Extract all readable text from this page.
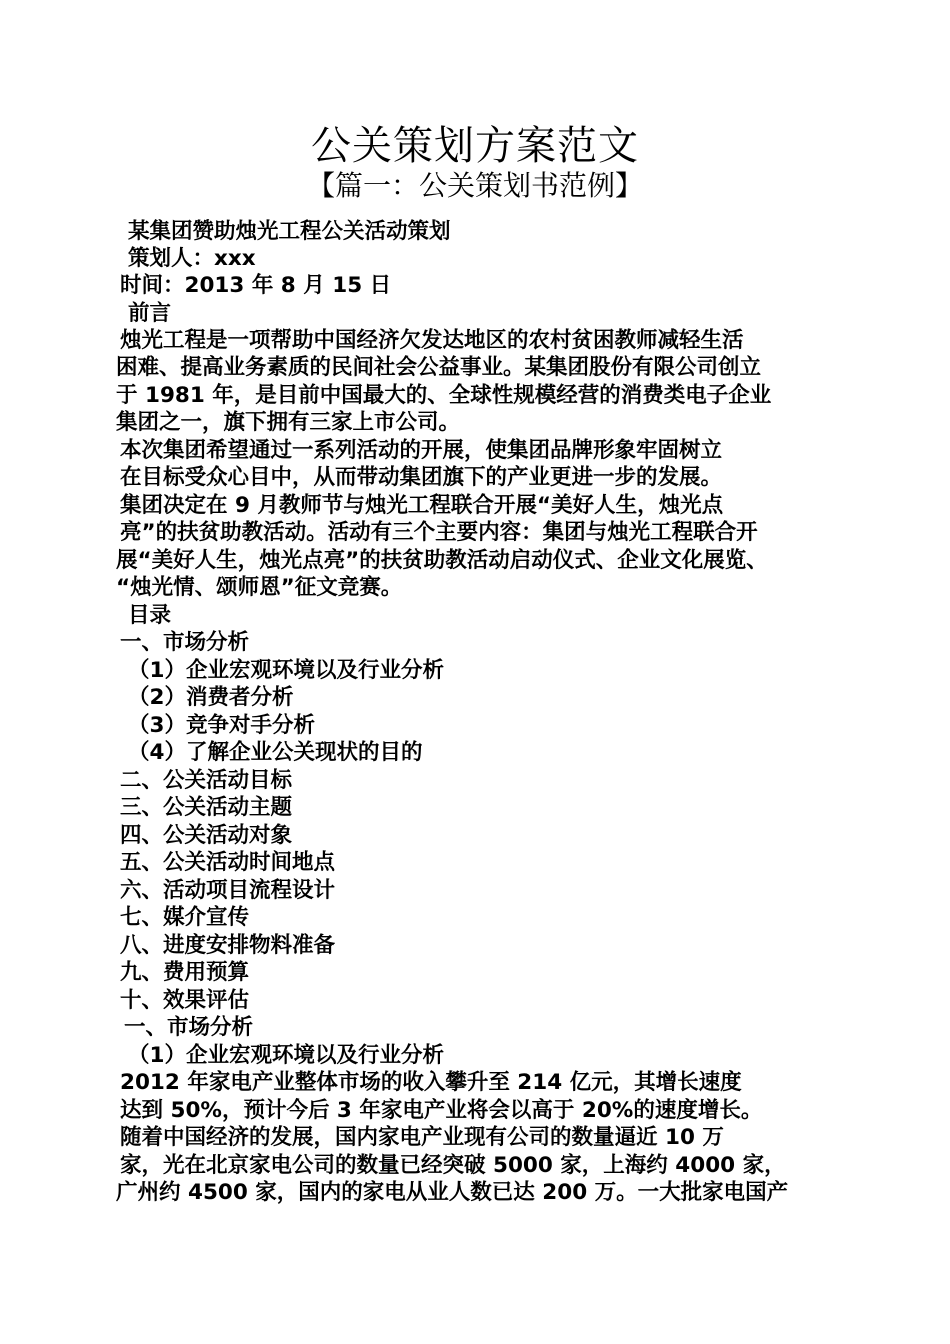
公关策划方案范文
【篇一：公关策划书范例】
某集团赞助烛光工程公关活动策划
策划人：xxx
时间：2013 年 8 月 15 日
前言
烛光工程是一项帮助中国经济欠发达地区的农村贫困教师减轻生活
困难、提高业务素质的民间社会公益事业。某集团股份有限公司创立
于 1981 年，是目前中国最大的、全球性规模经营的消费类电子企业
集团之一，旗下拥有三家上市公司。
本次集团希望通过一系列活动的开展，使集团品牌形象牢固树立
在目标受众心目中，从而带动集团旗下的产业更进一步的发展。
集团决定在 9 月教师节与烛光工程联合开展“美好人生，烛光点
亮”的扶贫助教活动。活动有三个主要内容：集团与烛光工程联合开
展“美好人生，烛光点亮”的扶贫助教活动启动仪式、企业文化展览、
“烛光情、颂师恩”征文竞赛。
目录
一、市场分析
（1）企业宏观环境以及行业分析
（2）消费者分析
（3）竞争对手分析
（4）了解企业公关现状的目的
二、公关活动目标
三、公关活动主题
四、公关活动对象
五、公关活动时间地点
六、活动项目流程设计
七、媒介宣传
八、进度安排物料准备
九、费用预算
十、效果评估
一、市场分析
（1）企业宏观环境以及行业分析
2012 年家电产业整体市场的收入攀升至 214 亿元，其增长速度
达到 50%，预计今后 3 年家电产业将会以高于 20%的速度增长。
随着中国经济的发展，国内家电产业现有公司的数量逼近 10 万
家，光在北京家电公司的数量已经突破 5000 家，上海约 4000 家，
广州约 4500 家，国内的家电从业人数已达 200 万。一大批家电国产
